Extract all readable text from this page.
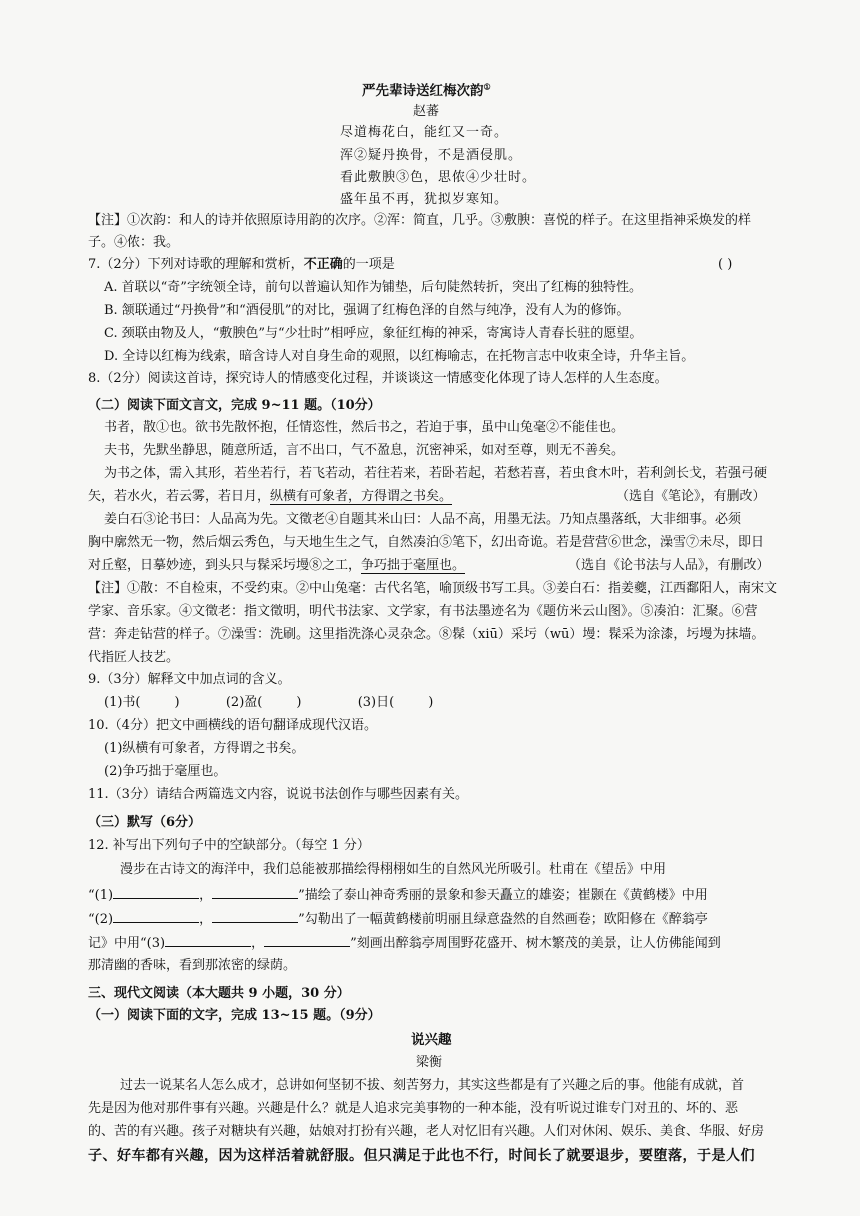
严先辈诗送红梅次韵①
赵蕃
尽道梅花白，能红又一奇。
浑②疑丹换骨，不是酒侵肌。
看此敷腴③色，思侬④少壮时。
盛年虽不再，犹拟岁寒知。
【注】①次韵：和人的诗并依照原诗用韵的次序。②浑：简直，几乎。③敷腴：喜悦的样子。在这里指神采焕发的样
子。④侬：我。
7.（2分）下列对诗歌的理解和赏析，不正确的一项是	( )
A. 首联以“奇”字统领全诗，前句以普遍认知作为铺垫，后句陡然转折，突出了红梅的独特性。
B. 颔联通过“丹换骨”和“酒侵肌”的对比，强调了红梅色泽的自然与纯净，没有人为的修饰。
C. 颈联由物及人，“敷腴色”与“少壮时”相呼应，象征红梅的神采，寄寓诗人青春长驻的愿望。
D. 全诗以红梅为线索，暗含诗人对自身生命的观照，以红梅喻志，在托物言志中收束全诗，升华主旨。
8.（2分）阅读这首诗，探究诗人的情感变化过程，并谈谈这一情感变化体现了诗人怎样的人生态度。
（二）阅读下面文言文，完成 9~11 题。（10分）
书者，散①也。欲书先散怀抱，任情恣性，然后书之，若迫于事，虽中山兔毫②不能佳也。
夫书，先默坐静思，随意所适，言不出口，气不盈息，沉密神采，如对至尊，则无不善矣。
为书之体，需入其形，若坐若行，若飞若动，若往若来，若卧若起，若愁若喜，若虫食木叶，若利剑长戈，若强弓硬
矢，若水火，若云雾，若日月，纵横有可象者，方得谓之书矣。	（选自《笔论》，有删改）
姜白石③论书曰：人品高为先。文徵老④自题其米山曰：人品不高，用墨无法。乃知点墨落纸，大非细事。必须
胸中廓然无一物，然后烟云秀色，与天地生生之气，自然凑泊⑤笔下，幻出奇诡。若是营营⑥世念，澡雪⑦未尽，即日
对丘壑，日摹妙迹，到头只与髹采圬墁⑧之工，争巧拙于毫厘也。	（选自《论书法与人品》，有删改）
【注】①散：不自检束，不受约束。②中山兔毫：古代名笔，喻顶级书写工具。③姜白石：指姜夔，江西鄱阳人，南宋文
学家、音乐家。④文徵老：指文徵明，明代书法家、文学家，有书法墨迹名为《题仿米云山图》。⑤凑泊：汇聚。⑥营
营：奔走钻营的样子。⑦澡雪：洗刷。这里指洗涤心灵杂念。⑧髹（xiū）采圬（wū）墁：髹采为涂漆，圬墁为抹墙。
代指匠人技艺。
9.（3分）解释文中加点词的含义。
(1)书(	)	(2)盈(	)	(3)日(	)
10.（4分）把文中画横线的语句翻译成现代汉语。
(1)纵横有可象者，方得谓之书矣。
(2)争巧拙于毫厘也。
11.（3分）请结合两篇选文内容，说说书法创作与哪些因素有关。
（三）默写（6分）
12. 补写出下列句子中的空缺部分。（每空 1 分）
漫步在古诗文的海洋中，我们总能被那描绘得栩栩如生的自然风光所吸引。杜甫在《望岳》中用
“(1)	，	”描绘了泰山神奇秀丽的景象和参天矗立的雄姿；崔颢在《黄鹤楼》中用
“(2)	，	”勾勒出了一幅黄鹤楼前明丽且绿意盎然的自然画卷；欧阳修在《醉翁亭
记》中用“(3)	，	”刻画出醉翁亭周围野花盛开、树木繁茂的美景，让人仿佛能闻到
那清幽的香味，看到那浓密的绿荫。
三、现代文阅读（本大题共 9 小题，30 分）
（一）阅读下面的文字，完成 13~15 题。（9分）
说兴趣
梁衡
过去一说某名人怎么成才，总讲如何坚韧不拔、刻苦努力，其实这些都是有了兴趣之后的事。他能有成就，首
先是因为他对那件事有兴趣。兴趣是什么？就是人追求完美事物的一种本能，没有听说过谁专门对丑的、坏的、恶
的、苦的有兴趣。孩子对糖块有兴趣，姑娘对打扮有兴趣，老人对忆旧有兴趣。人们对休闲、娱乐、美食、华服、好房
子、好车都有兴趣，因为这样活着就舒服。但只满足于此也不行，时间长了就要退步，要堕落，于是人们
